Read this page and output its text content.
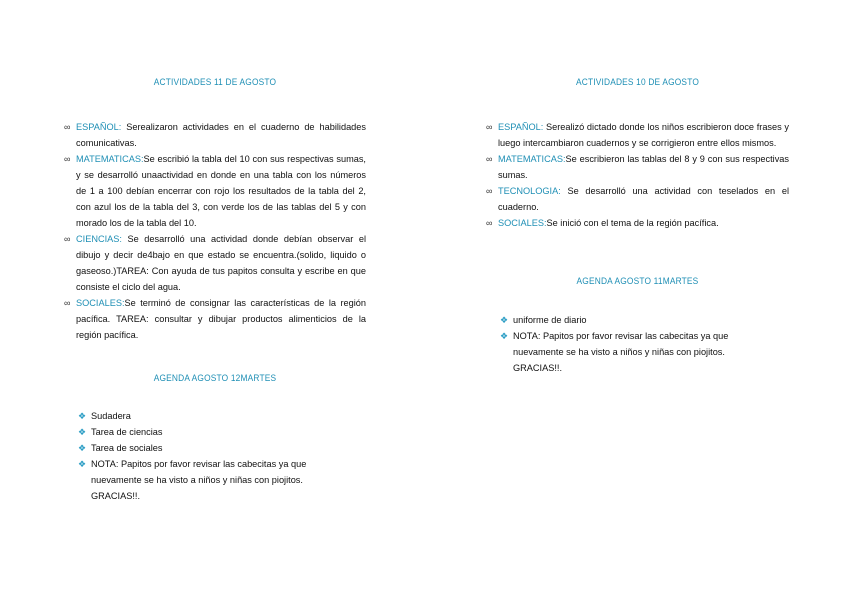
ACTIVIDADES 11 DE AGOSTO
∞ ESPAÑOL: Serealizaron actividades en el cuaderno de habilidades comunicativas.
∞ MATEMATICAS:Se escribió la tabla del 10 con sus respectivas sumas, y se desarrolló unaactividad en donde en una tabla con los números de 1 a 100 debían encerrar con rojo los resultados de la tabla del 2, con azul los de la tabla del 3, con verde los de las tablas del 5 y con morado los de la tabla del 10.
∞ CIENCIAS: Se desarrolló una actividad donde debían observar el dibujo y decir de4bajo en que estado se encuentra.(solido, liquido o gaseoso.)TAREA: Con ayuda de tus papitos consulta y escribe en que consiste el ciclo del agua.
∞ SOCIALES:Se terminó de consignar las características de la región pacífica. TAREA: consultar y dibujar productos alimenticios de la región pacífica.
AGENDA AGOSTO 12MARTES
❖ Sudadera
❖ Tarea de ciencias
❖ Tarea de sociales
❖ NOTA: Papitos por favor revisar las cabecitas ya que nuevamente se ha visto a niños y niñas con piojitos. GRACIAS!!.
ACTIVIDADES 10 DE AGOSTO
∞ ESPAÑOL: Serealizó dictado donde los niños escribieron doce frases y luego intercambiaron cuadernos y se corrigieron entre ellos mismos.
∞ MATEMATICAS:Se escribieron las tablas del 8 y 9 con sus respectivas sumas.
∞ TECNOLOGIA: Se desarrolló una actividad con teselados en el cuaderno.
∞ SOCIALES:Se inició con el tema de la región pacífica.
AGENDA AGOSTO 11MARTES
❖ uniforme de diario
❖ NOTA: Papitos por favor revisar las cabecitas ya que nuevamente se ha visto a niños y niñas con piojitos. GRACIAS!!.
